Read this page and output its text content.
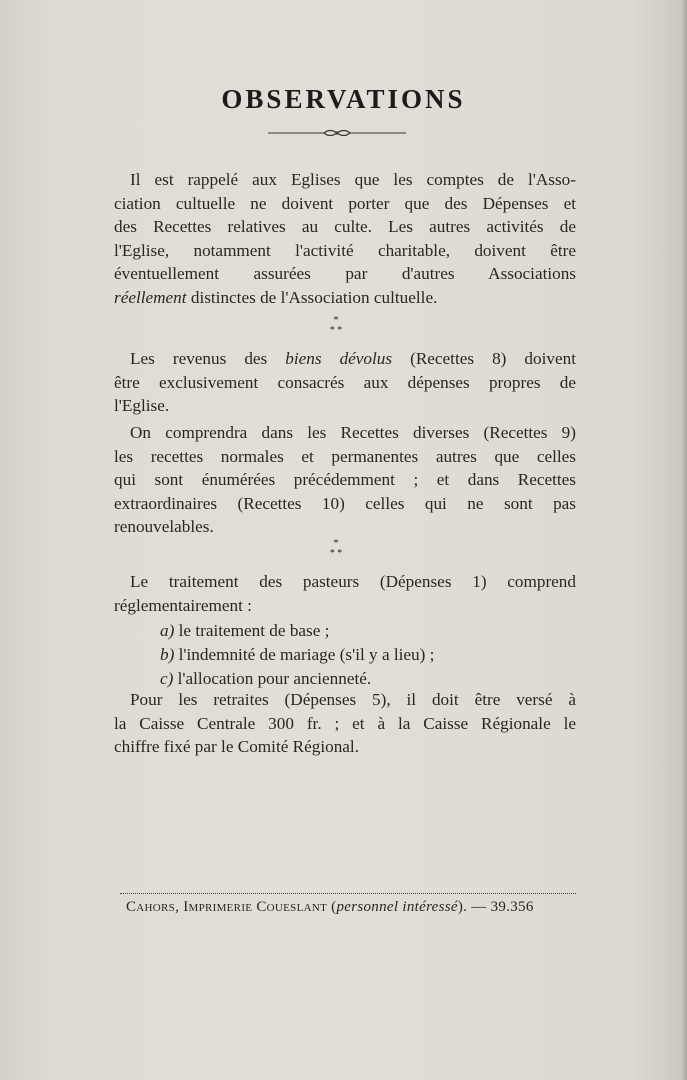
OBSERVATIONS

Il est rappelé aux Eglises que les comptes de l'Asso-
ciation cultuelle ne doivent porter que des Dépenses et
des Recettes relatives au culte. Les autres activités de
l'Eglise, notamment l'activité charitable, doivent être
éventuellement assurées par d'autres Associations
réellement distinctes de l'Association cultuelle.

*
* *

Les revenus des biens dévolus (Recettes 8) doivent
être exclusivement consacrés aux dépenses propres de
l'Eglise.

On comprendra dans les Recettes diverses (Recettes 9)
les recettes normales et permanentes autres que celles
qui sont énumérées précédemment ; et dans Recettes
extraordinaires (Recettes 10) celles qui ne sont pas
renouvelables.

*
* *

Le traitement des pasteurs (Dépenses 1) comprend
réglementairement :

a) le traitement de base ;
b) l'indemnité de mariage (s'il y a lieu) ;
c) l'allocation pour ancienneté.

Pour les retraites (Dépenses 5), il doit être versé à
la Caisse Centrale 300 fr. ; et à la Caisse Régionale le
chiffre fixé par le Comité Régional.

Cahors, Imprimerie Coueslant (personnel intéressé). — 39.356
